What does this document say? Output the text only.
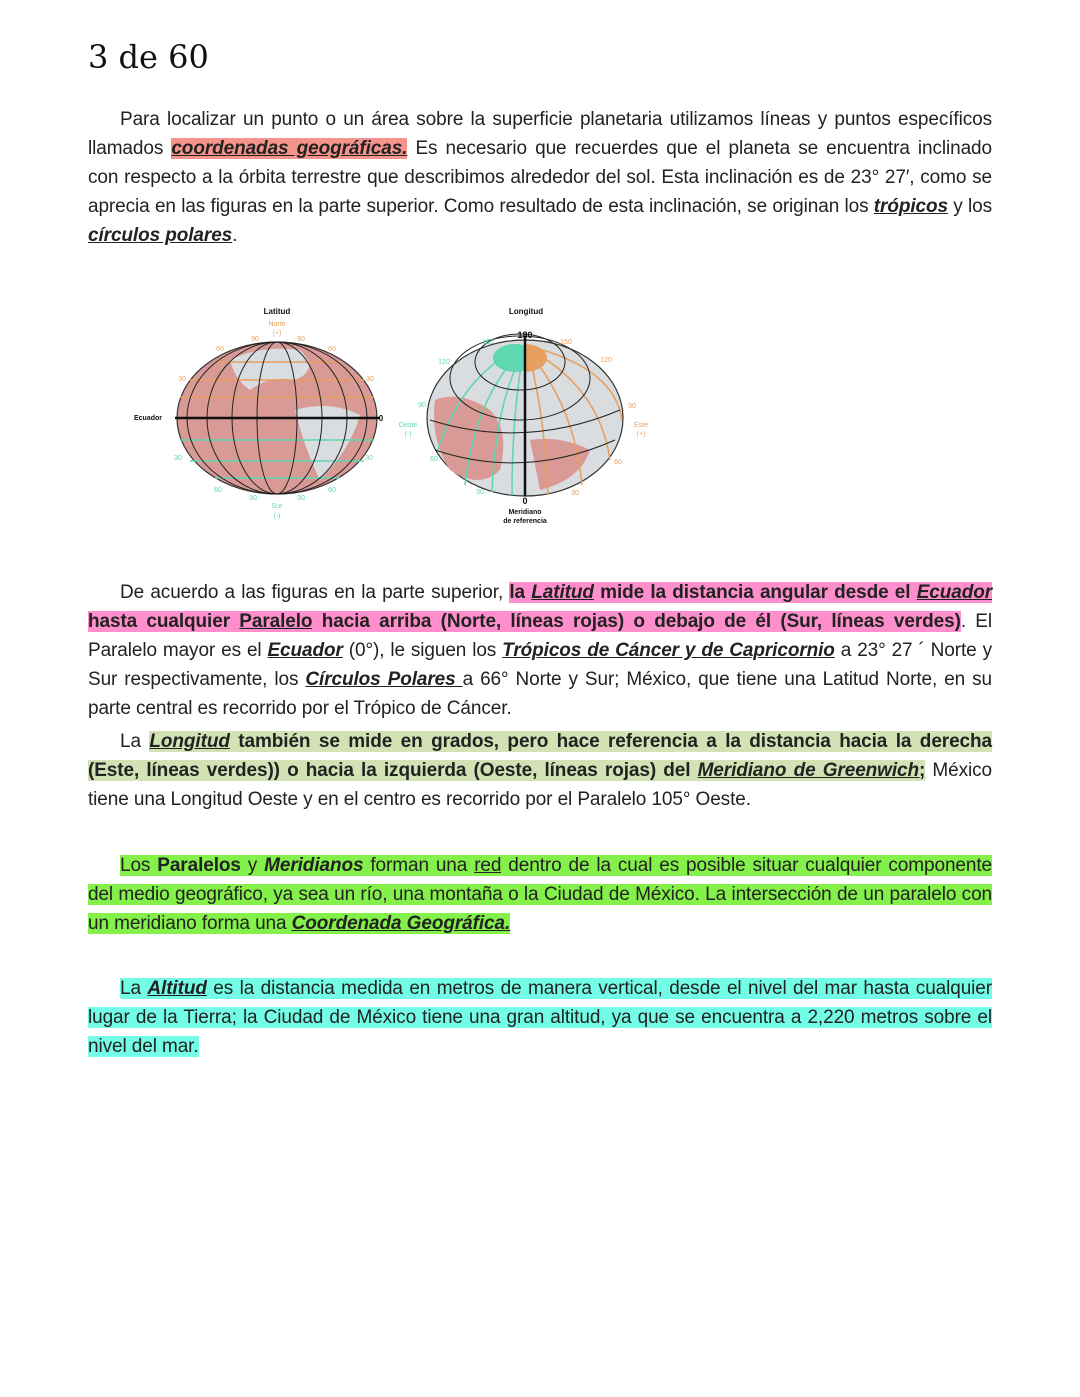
3 de 60

Para localizar un punto o un área sobre la superficie planetaria utilizamos líneas y puntos específicos llamados coordenadas geográficas. Es necesario que recuerdes que el planeta se encuentra inclinado con respecto a la órbita terrestre que describimos alrededor del sol. Esta inclinación es de 23° 27′, como se aprecia en las figuras en la parte superior. Como resultado de esta inclinación, se originan los trópicos y los círculos polares.

Latitud
Norte
(+)
90	90
60	60
30	30
Ecuador	0
30	30
60	60
90	90
Sur
(-)
Longitud
180
150	150
120	120
90	90
Oeste
(-)
Este
(+)
60	60
30	30
0
Meridiano
de referencia

De acuerdo a las figuras en la parte superior, la Latitud mide la distancia angular desde el Ecuador hasta cualquier Paralelo hacia arriba (Norte, líneas rojas) o debajo de él (Sur, líneas verdes). El Paralelo mayor es el Ecuador (0°), le siguen los Trópicos de Cáncer y de Capricornio a 23° 27 ´ Norte y Sur respectivamente, los Círculos Polares a 66° Norte y Sur; México, que tiene una Latitud Norte, en su parte central es recorrido por el Trópico de Cáncer.

La Longitud también se mide en grados, pero hace referencia a la distancia hacia la derecha (Este, líneas verdes)) o hacia la izquierda (Oeste, líneas rojas) del Meridiano de Greenwich; México tiene una Longitud Oeste y en el centro es recorrido por el Paralelo 105° Oeste.

Los Paralelos y Meridianos forman una red dentro de la cual es posible situar cualquier componente del medio geográfico, ya sea un río, una montaña o la Ciudad de México. La intersección de un paralelo con un meridiano forma una Coordenada Geográfica.

La Altitud es la distancia medida en metros de manera vertical, desde el nivel del mar hasta cualquier lugar de la Tierra; la Ciudad de México tiene una gran altitud, ya que se encuentra a 2,220 metros sobre el nivel del mar.
